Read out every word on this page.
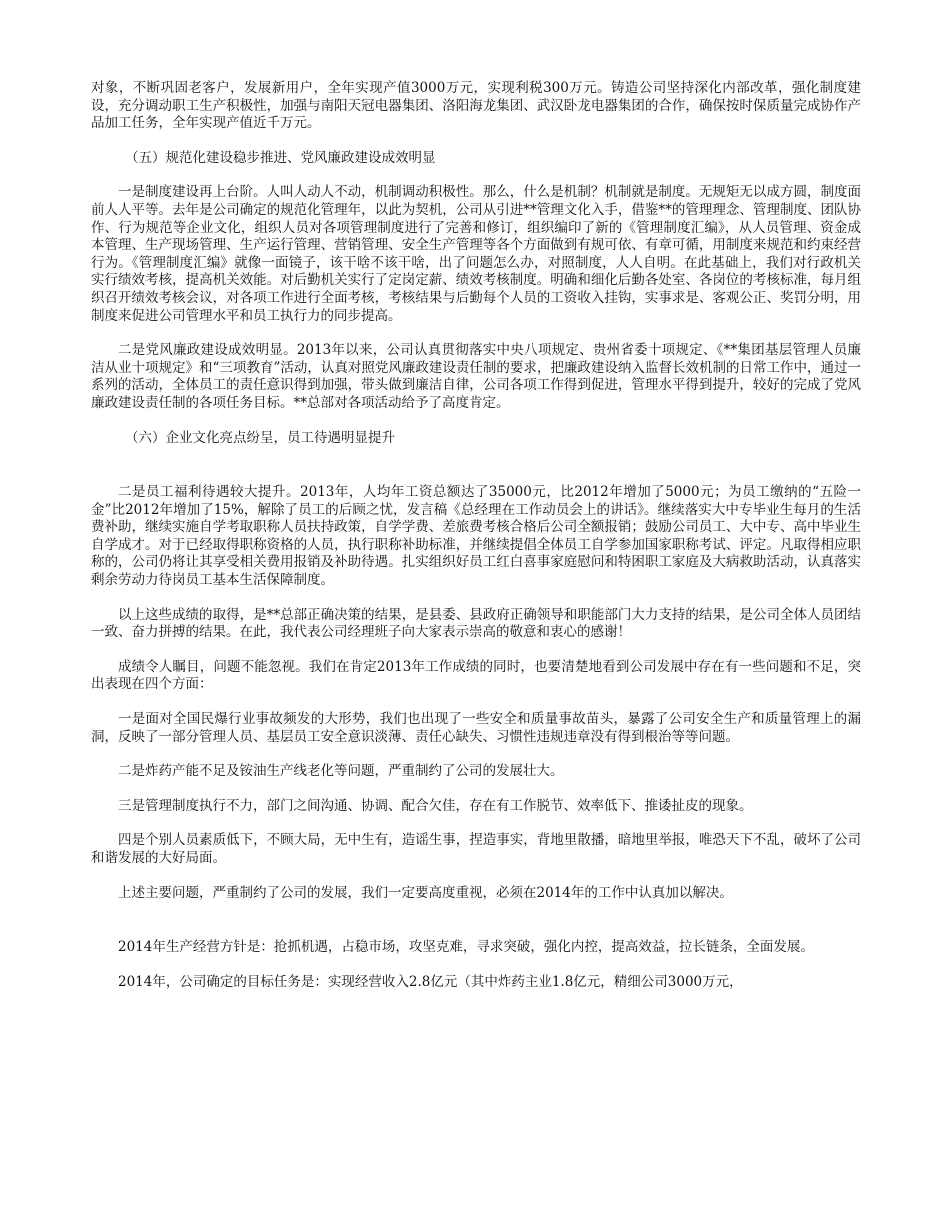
对象，不断巩固老客户，发展新用户，全年实现产值3000万元，实现利税300万元。铸造公司坚持深化内部改革，强化制度建设，充分调动职工生产积极性，加强与南阳天冠电器集团、洛阳海龙集团、武汉卧龙电器集团的合作，确保按时保质量完成协作产品加工任务，全年实现产值近千万元。

（五）规范化建设稳步推进、党风廉政建设成效明显

一是制度建设再上台阶。人叫人动人不动，机制调动积极性。那么，什么是机制？机制就是制度。无规矩无以成方圆，制度面前人人平等。去年是公司确定的规范化管理年，以此为契机，公司从引进**管理文化入手，借鉴**的管理理念、管理制度、团队协作、行为规范等企业文化，组织人员对各项管理制度进行了完善和修订，组织编印了新的《管理制度汇编》，从人员管理、资金成本管理、生产现场管理、生产运行管理、营销管理、安全生产管理等各个方面做到有规可依、有章可循，用制度来规范和约束经营行为。《管理制度汇编》就像一面镜子，该干啥不该干啥，出了问题怎么办，对照制度，人人自明。在此基础上，我们对行政机关实行绩效考核，提高机关效能。对后勤机关实行了定岗定薪、绩效考核制度。明确和细化后勤各处室、各岗位的考核标准，每月组织召开绩效考核会议，对各项工作进行全面考核，考核结果与后勤每个人员的工资收入挂钩，实事求是、客观公正、奖罚分明，用制度来促进公司管理水平和员工执行力的同步提高。

二是党风廉政建设成效明显。2013年以来，公司认真贯彻落实中央八项规定、贵州省委十项规定、《**集团基层管理人员廉洁从业十项规定》和“三项教育”活动，认真对照党风廉政建设责任制的要求，把廉政建设纳入监督长效机制的日常工作中，通过一系列的活动，全体员工的责任意识得到加强，带头做到廉洁自律，公司各项工作得到促进，管理水平得到提升，较好的完成了党风廉政建设责任制的各项任务目标。**总部对各项活动给予了高度肯定。

（六）企业文化亮点纷呈，员工待遇明显提升

二是员工福利待遇较大提升。2013年，人均年工资总额达了35000元，比2012年增加了5000元；为员工缴纳的“五险一金”比2012年增加了15%，解除了员工的后顾之忧，发言稿《总经理在工作动员会上的讲话》。继续落实大中专毕业生每月的生活费补助，继续实施自学考取职称人员扶持政策，自学学费、差旅费考核合格后公司全额报销；鼓励公司员工、大中专、高中毕业生自学成才。对于已经取得职称资格的人员，执行职称补助标准，并继续提倡全体员工自学参加国家职称考试、评定。凡取得相应职称的，公司仍将让其享受相关费用报销及补助待遇。扎实组织好员工红白喜事家庭慰问和特困职工家庭及大病救助活动，认真落实剩余劳动力待岗员工基本生活保障制度。

以上这些成绩的取得，是**总部正确决策的结果，是县委、县政府正确领导和职能部门大力支持的结果，是公司全体人员团结一致、奋力拼搏的结果。在此，我代表公司经理班子向大家表示崇高的敬意和衷心的感谢！

成绩令人瞩目，问题不能忽视。我们在肯定2013年工作成绩的同时，也要清楚地看到公司发展中存在有一些问题和不足，突出表现在四个方面：

一是面对全国民爆行业事故频发的大形势，我们也出现了一些安全和质量事故苗头，暴露了公司安全生产和质量管理上的漏洞，反映了一部分管理人员、基层员工安全意识淡薄、责任心缺失、习惯性违规违章没有得到根治等等问题。

二是炸药产能不足及铵油生产线老化等问题，严重制约了公司的发展壮大。

三是管理制度执行不力，部门之间沟通、协调、配合欠佳，存在有工作脱节、效率低下、推诿扯皮的现象。

四是个别人员素质低下，不顾大局，无中生有，造谣生事，捏造事实，背地里散播，暗地里举报，唯恐天下不乱，破坏了公司和谐发展的大好局面。

上述主要问题，严重制约了公司的发展，我们一定要高度重视，必须在2014年的工作中认真加以解决。

2014年生产经营方针是：抢抓机遇，占稳市场，攻坚克难，寻求突破，强化内控，提高效益，拉长链条，全面发展。

2014年，公司确定的目标任务是：实现经营收入2.8亿元（其中炸药主业1.8亿元，精细公司3000万元，
